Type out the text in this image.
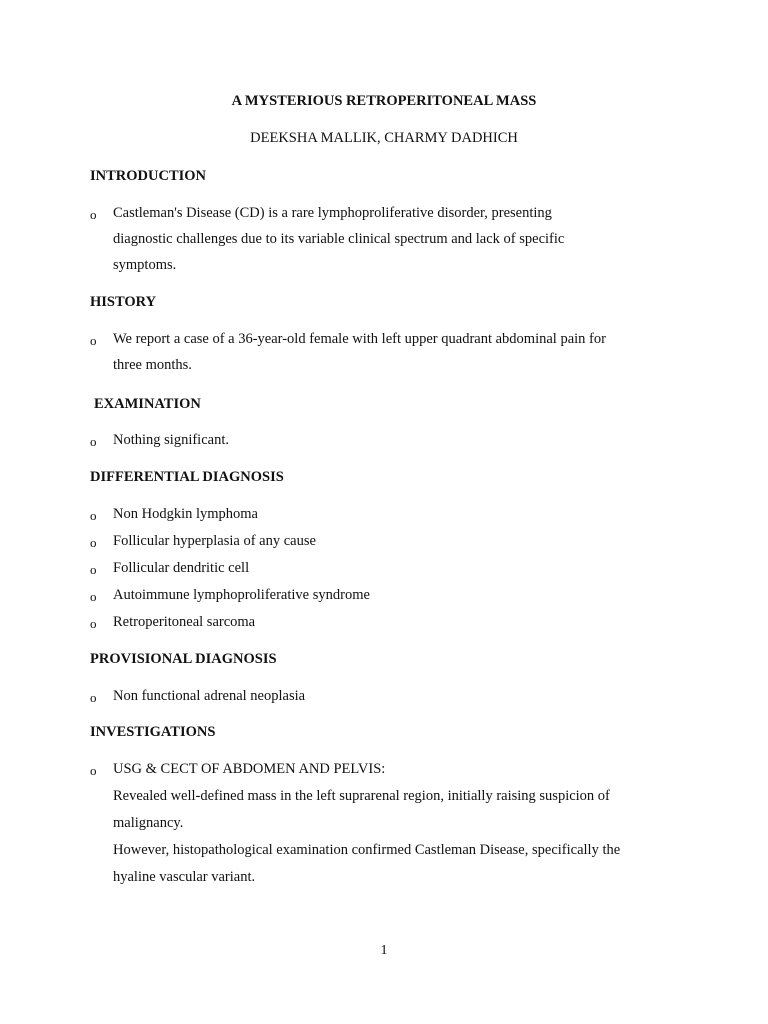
A MYSTERIOUS RETROPERITONEAL MASS
DEEKSHA MALLIK, CHARMY DADHICH
INTRODUCTION
o Castleman's Disease (CD) is a rare lymphoproliferative disorder, presenting
diagnostic challenges due to its variable clinical spectrum and lack of specific
symptoms.
HISTORY
o We report a case of a 36-year-old female with left upper quadrant abdominal pain for
three months.
EXAMINATION
o Nothing significant.
DIFFERENTIAL DIAGNOSIS
o Non Hodgkin lymphoma
o Follicular hyperplasia of any cause
o Follicular dendritic cell
o Autoimmune lymphoproliferative syndrome
o Retroperitoneal sarcoma
PROVISIONAL DIAGNOSIS
o Non functional adrenal neoplasia
INVESTIGATIONS
o USG & CECT OF ABDOMEN AND PELVIS:
Revealed well-defined mass in the left suprarenal region, initially raising suspicion of
malignancy.
However, histopathological examination confirmed Castleman Disease, specifically the
hyaline vascular variant.
1
